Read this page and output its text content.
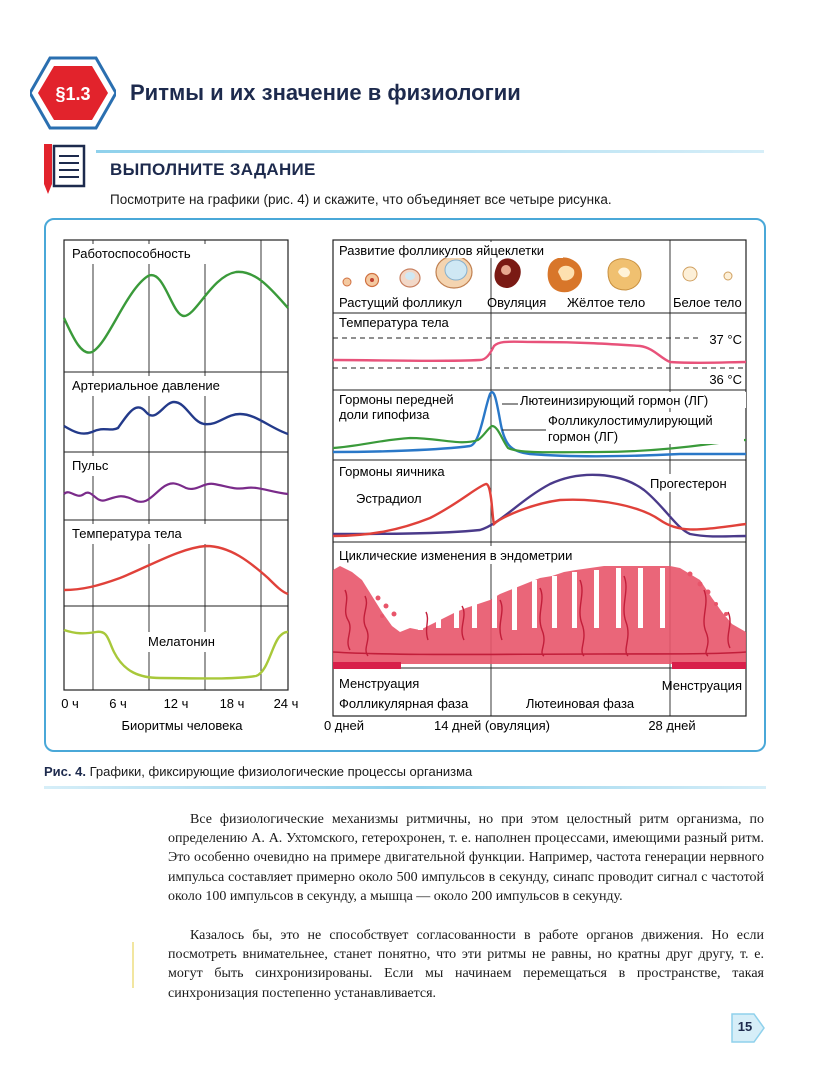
§1.3 Ритмы и их значение в физиологии
ВЫПОЛНИТЕ ЗАДАНИЕ
Посмотрите на графики (рис. 4) и скажите, что объединяет все четыре рисунка.
Работоспособность
Артериальное давление
Пульс
Температура тела
Мелатонин
0 ч 6 ч	12 ч 18 ч 24 ч
Биоритмы человека
Развитие фолликулов яйцеклетки
Растущий фолликул Овуляция Жёлтое тело Белое тело
Температура тела
37 °С
36 °С
Гормоны передней
доли гипофиза
Лютеинизирующий гормон (ЛГ)
Фолликулостимулирующий
гормон (ЛГ)
Гормоны яичника
Эстрадиол
Прогестерон
Циклические изменения в эндометрии
Менструация	Менструация
Фолликулярная фаза	Лютеиновая фаза
0 дней	14 дней (овуляция)	28 дней
Рис. 4. Графики, фиксирующие физиологические процессы организма

Все физиологические механизмы ритмичны, но при этом целостный ритм организма, по определению А. А. Ухтомского, гетерохронен, т. е. наполнен процессами, имеющими разный ритм. Это особенно очевидно на примере двигательной функции. Например, частота генерации нервного импульса составляет примерно около 500 импульсов в секунду, синапс проводит сигнал с частотой около 100 импульсов в секунду, а мышца — около 200 импульсов в секунду.

Казалось бы, это не способствует согласованности в работе органов движения. Но если посмотреть внимательнее, станет понятно, что эти ритмы не равны, но кратны друг другу, т. е. могут быть синхронизированы. Если мы начинаем перемещаться в пространстве, такая синхронизация постепенно устанавливается.

15
